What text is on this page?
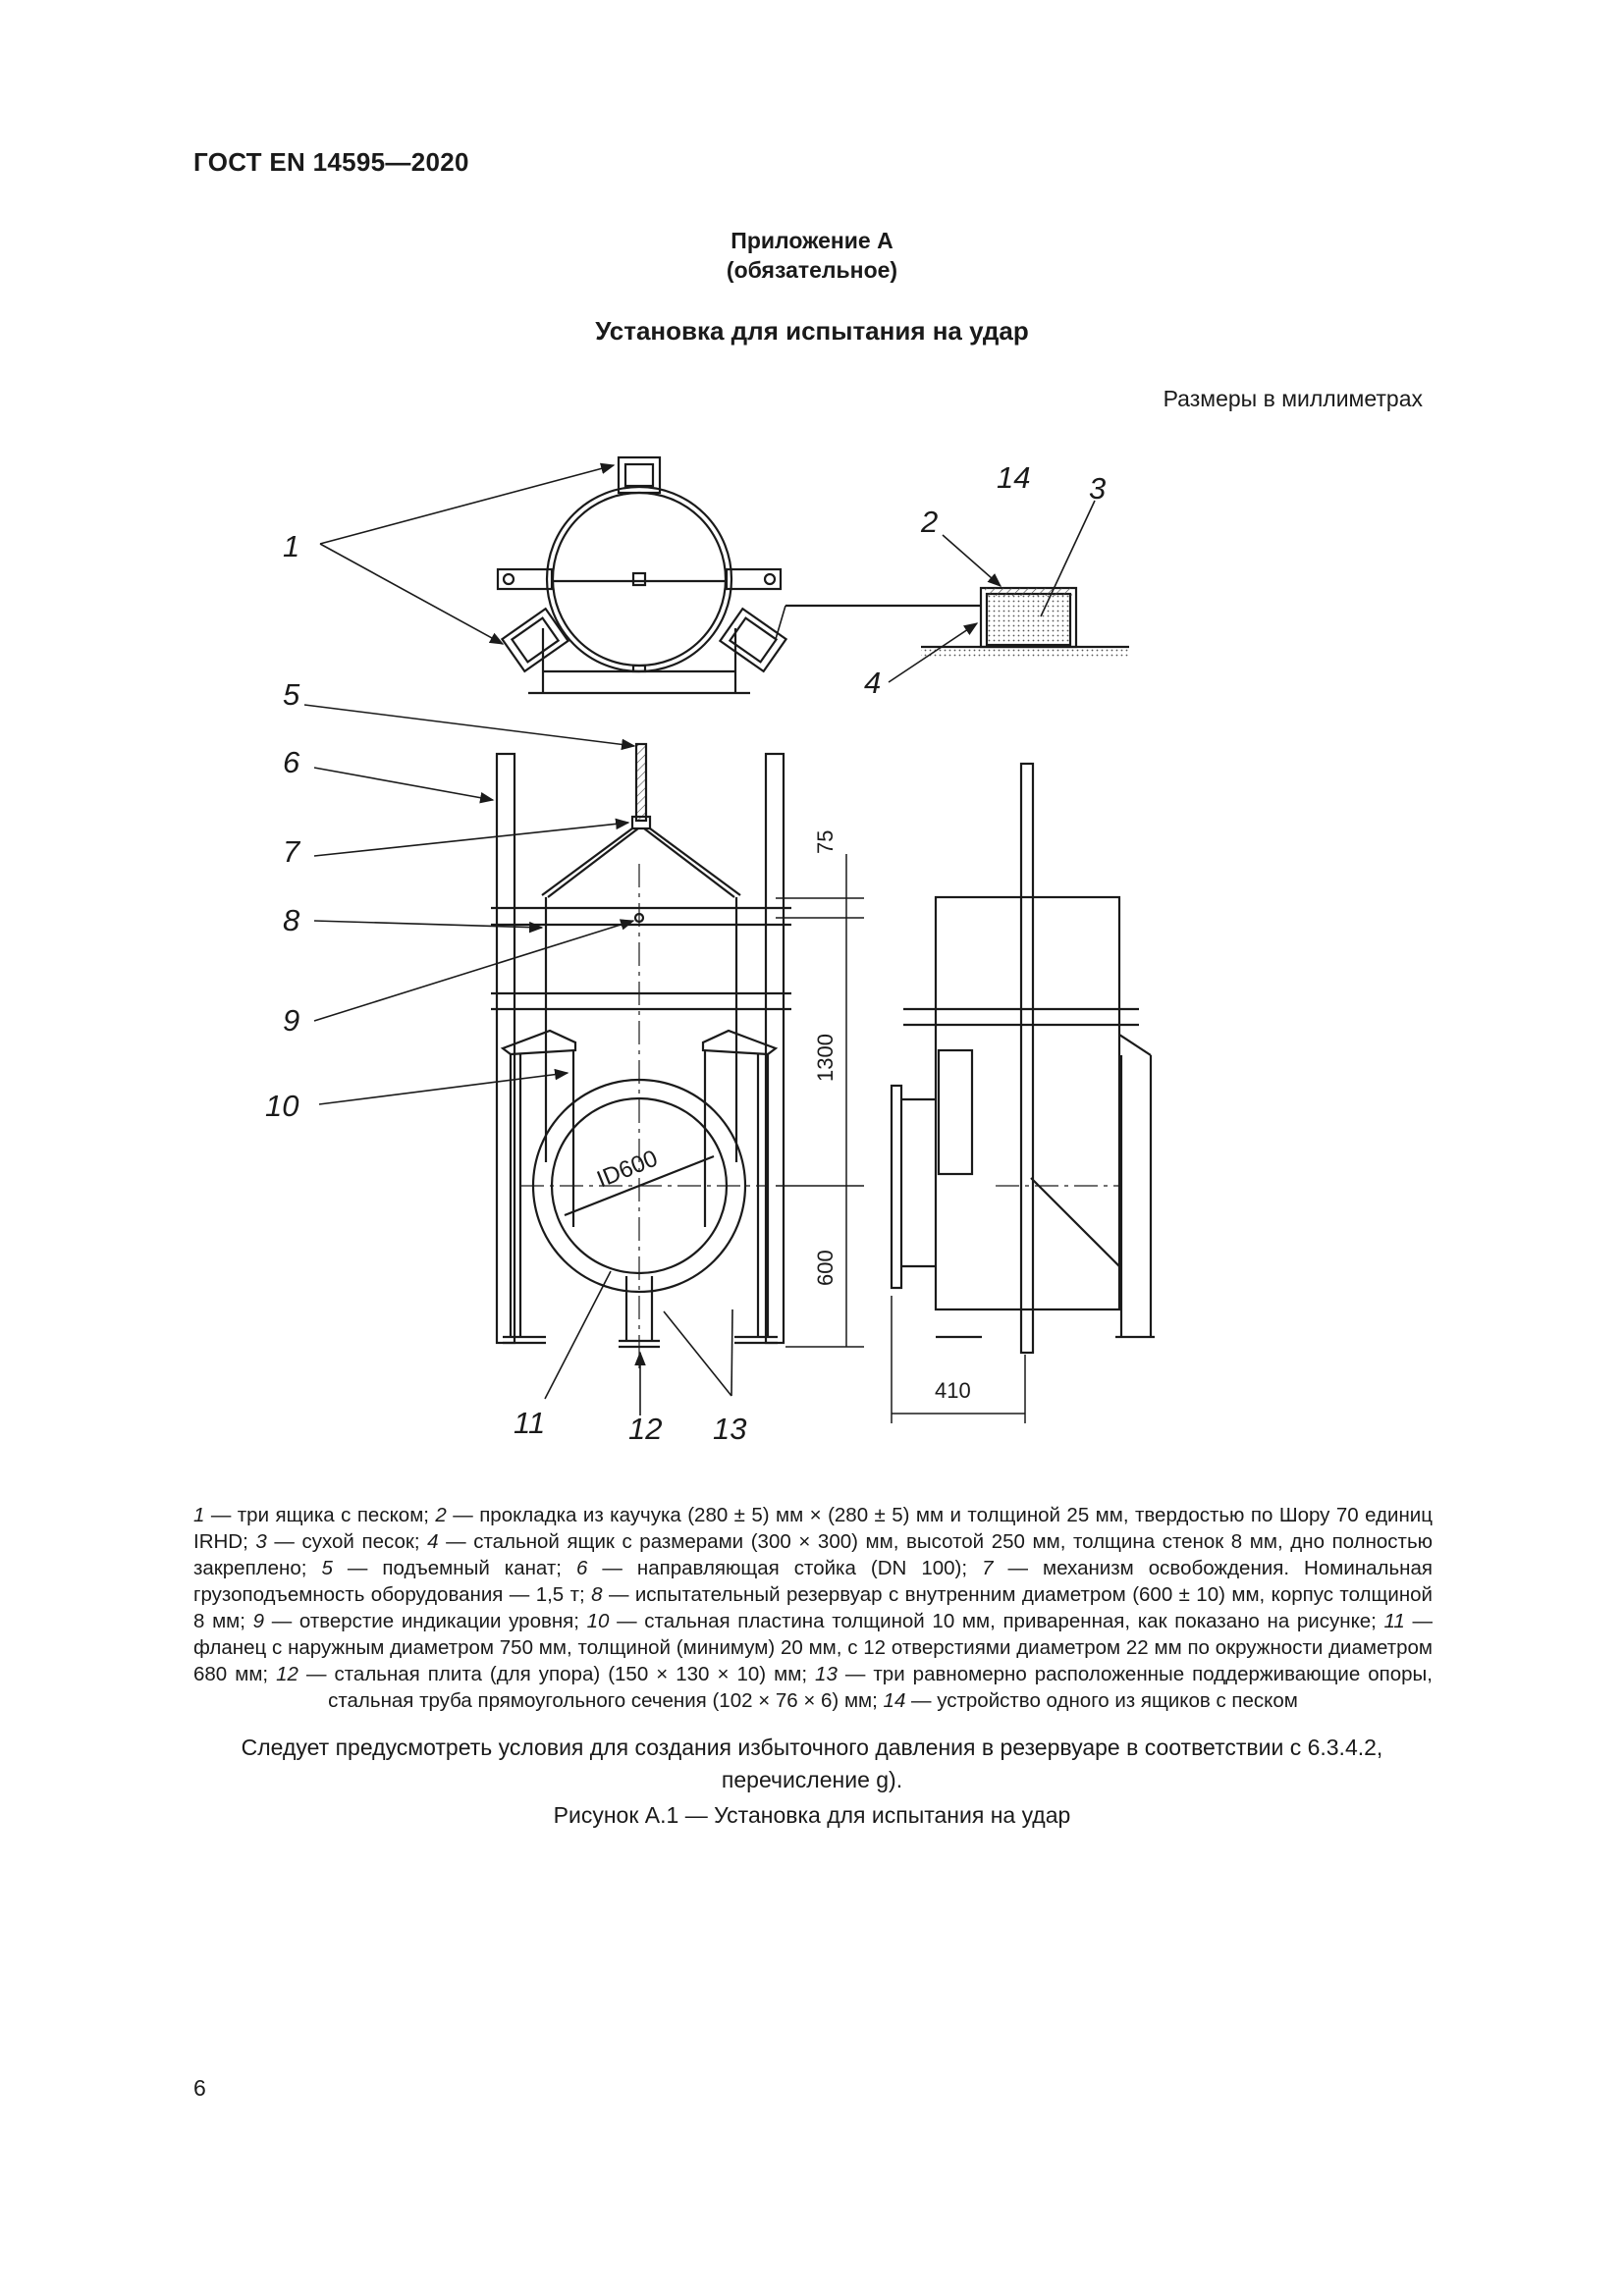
ГОСТ EN 14595—2020
Приложение А
(обязательное)
Установка для испытания на удар
Размеры в миллиметрах
1
2
3
4
5
6
7
8
9
10
11	12 13
14
75
1300
600
410
ID600
1 — три ящика с песком; 2 — прокладка из каучука (280 ± 5) мм × (280 ± 5) мм и толщиной 25 мм, твердостью по Шору 70 единиц IRHD; 3 — сухой песок; 4 — стальной ящик с размерами (300 × 300) мм, высотой 250 мм, толщина стенок 8 мм, дно полностью закреплено; 5 — подъемный канат; 6 — направляющая стойка (DN 100); 7 — механизм освобождения. Номинальная грузоподъемность оборудования — 1,5 т; 8 — испытательный резервуар с внутренним диаметром (600 ± 10) мм, корпус толщиной 8 мм; 9 — отверстие индикации уровня; 10 — стальная пластина толщиной 10 мм, приваренная, как показано на рисунке; 11 — фланец с наружным диаметром 750 мм, толщиной (минимум) 20 мм, с 12 отверстиями диаметром 22 мм по окружности диаметром 680 мм; 12 — стальная плита (для упора) (150 × 130 × 10) мм; 13 — три равномерно расположенные поддерживающие опоры, стальная труба прямоугольного сечения (102 × 76 × 6) мм; 14 — устройство одного из ящиков с песком
Следует предусмотреть условия для создания избыточного давления в резервуаре в соответствии с 6.3.4.2, перечисление g).
Рисунок А.1 — Установка для испытания на удар
6
